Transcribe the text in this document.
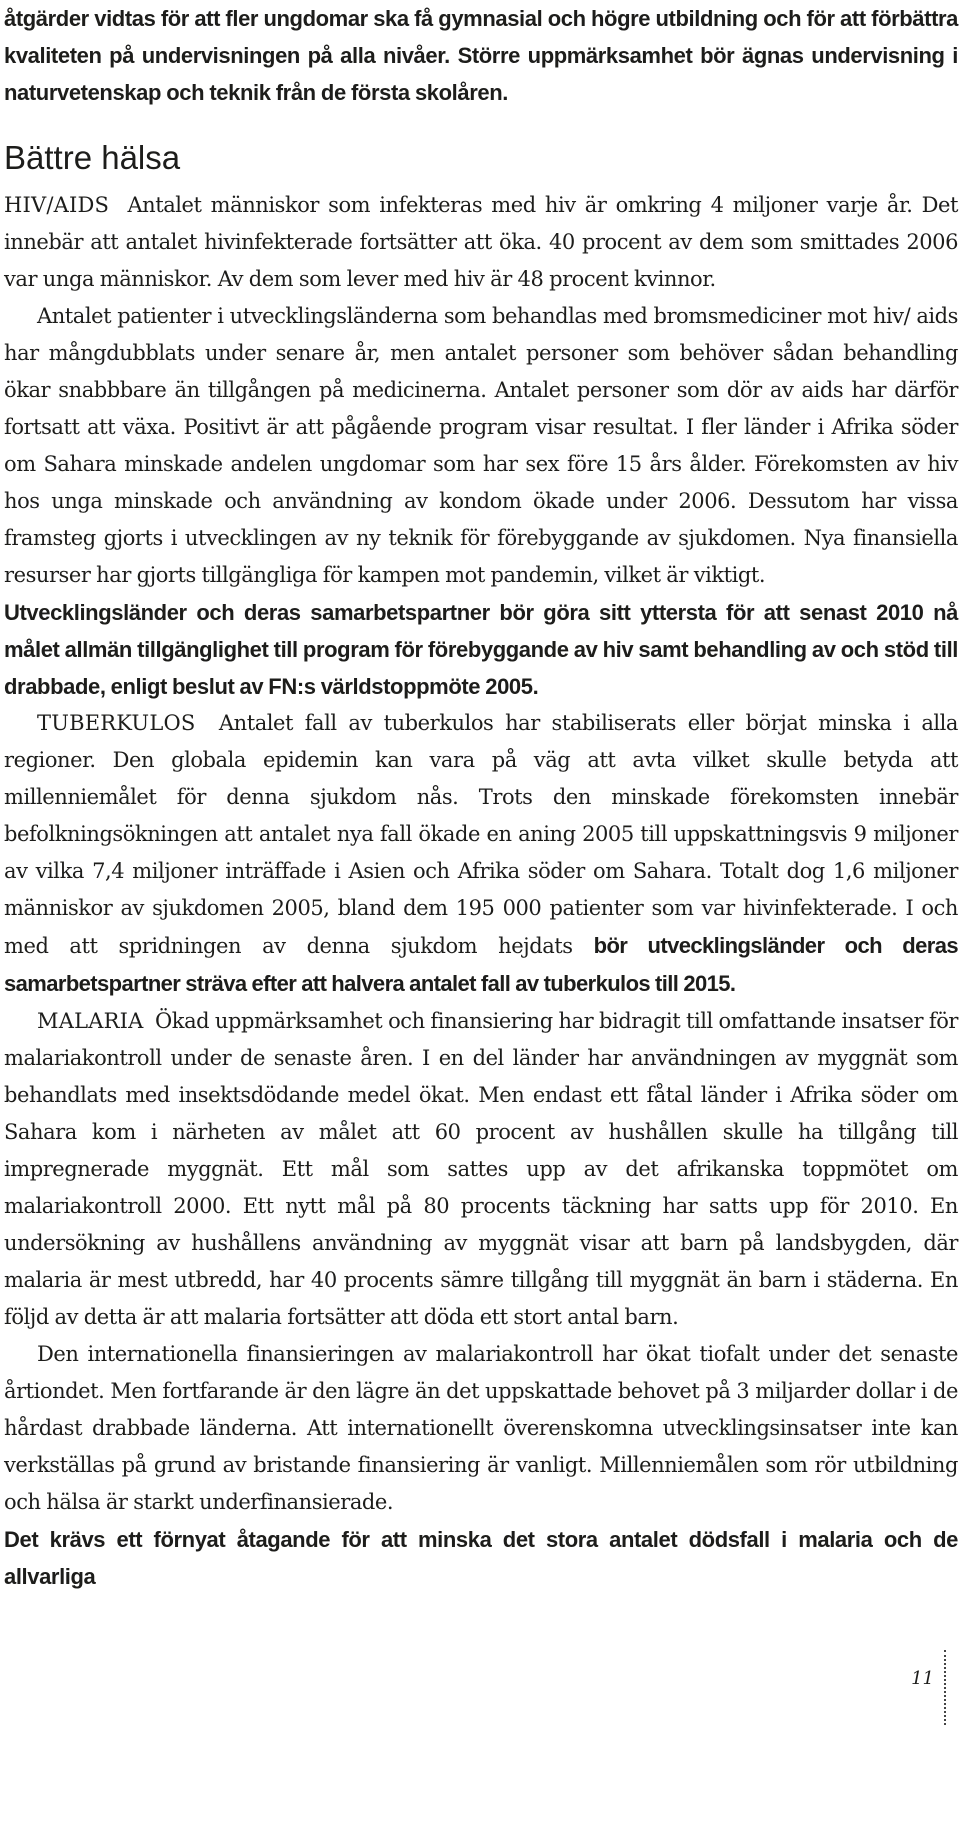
åtgärder vidtas för att fler ungdomar ska få gymnasial och högre utbildning och för att förbättra kvaliteten på undervisningen på alla nivåer. Större uppmärksamhet bör ägnas undervisning i naturvetenskap och teknik från de första skolåren.

Bättre hälsa

HIV/AIDS Antalet människor som infekteras med hiv är omkring 4 miljoner varje år. Det innebär att antalet hivinfekterade fortsätter att öka. 40 procent av dem som smittades 2006 var unga människor. Av dem som lever med hiv är 48 procent kvinnor.

Antalet patienter i utvecklingsländerna som behandlas med bromsmediciner mot hiv/ aids har mångdubblats under senare år, men antalet personer som behöver sådan behandling ökar snabbbare än tillgången på medicinerna. Antalet personer som dör av aids har därför fortsatt att växa. Positivt är att pågående program visar resultat. I fler länder i Afrika söder om Sahara minskade andelen ungdomar som har sex före 15 års ålder. Förekomsten av hiv hos unga minskade och användning av kondom ökade under 2006. Dessutom har vissa framsteg gjorts i utvecklingen av ny teknik för förebyggande av sjukdomen. Nya finansiella resurser har gjorts tillgängliga för kampen mot pandemin, vilket är viktigt.

Utvecklingsländer och deras samarbetspartner bör göra sitt yttersta för att senast 2010 nå målet allmän tillgänglighet till program för förebyggande av hiv samt behandling av och stöd till drabbade, enligt beslut av FN:s världstoppmöte 2005.

TUBERKULOS Antalet fall av tuberkulos har stabiliserats eller börjat minska i alla regioner. Den globala epidemin kan vara på väg att avta vilket skulle betyda att millenniemålet för denna sjukdom nås. Trots den minskade förekomsten innebär befolkningsökningen att antalet nya fall ökade en aning 2005 till uppskattningsvis 9 miljoner av vilka 7,4 miljoner inträffade i Asien och Afrika söder om Sahara. Totalt dog 1,6 miljoner människor av sjukdomen 2005, bland dem 195 000 patienter som var hivinfekterade. I och med att spridningen av denna sjukdom hejdats bör utvecklingsländer och deras samarbetspartner sträva efter att halvera antalet fall av tuberkulos till 2015.

MALARIA Ökad uppmärksamhet och finansiering har bidragit till omfattande insatser för malariakontroll under de senaste åren. I en del länder har användningen av myggnät som behandlats med insektsdödande medel ökat. Men endast ett fåtal länder i Afrika söder om Sahara kom i närheten av målet att 60 procent av hushållen skulle ha tillgång till impregnerade myggnät. Ett mål som sattes upp av det afrikanska toppmötet om malariakontroll 2000. Ett nytt mål på 80 procents täckning har satts upp för 2010. En undersökning av hushållens användning av myggnät visar att barn på landsbygden, där malaria är mest utbredd, har 40 procents sämre tillgång till myggnät än barn i städerna. En följd av detta är att malaria fortsätter att döda ett stort antal barn.

Den internationella finansieringen av malariakontroll har ökat tiofalt under det senaste årtiondet. Men fortfarande är den lägre än det uppskattade behovet på 3 miljarder dollar i de hårdast drabbade länderna. Att internationellt överenskomna utvecklingsinsatser inte kan verkställas på grund av bristande finansiering är vanligt. Millenniemålen som rör utbildning och hälsa är starkt underfinansierade.

Det krävs ett förnyat åtagande för att minska det stora antalet dödsfall i malaria och de allvarliga

11
